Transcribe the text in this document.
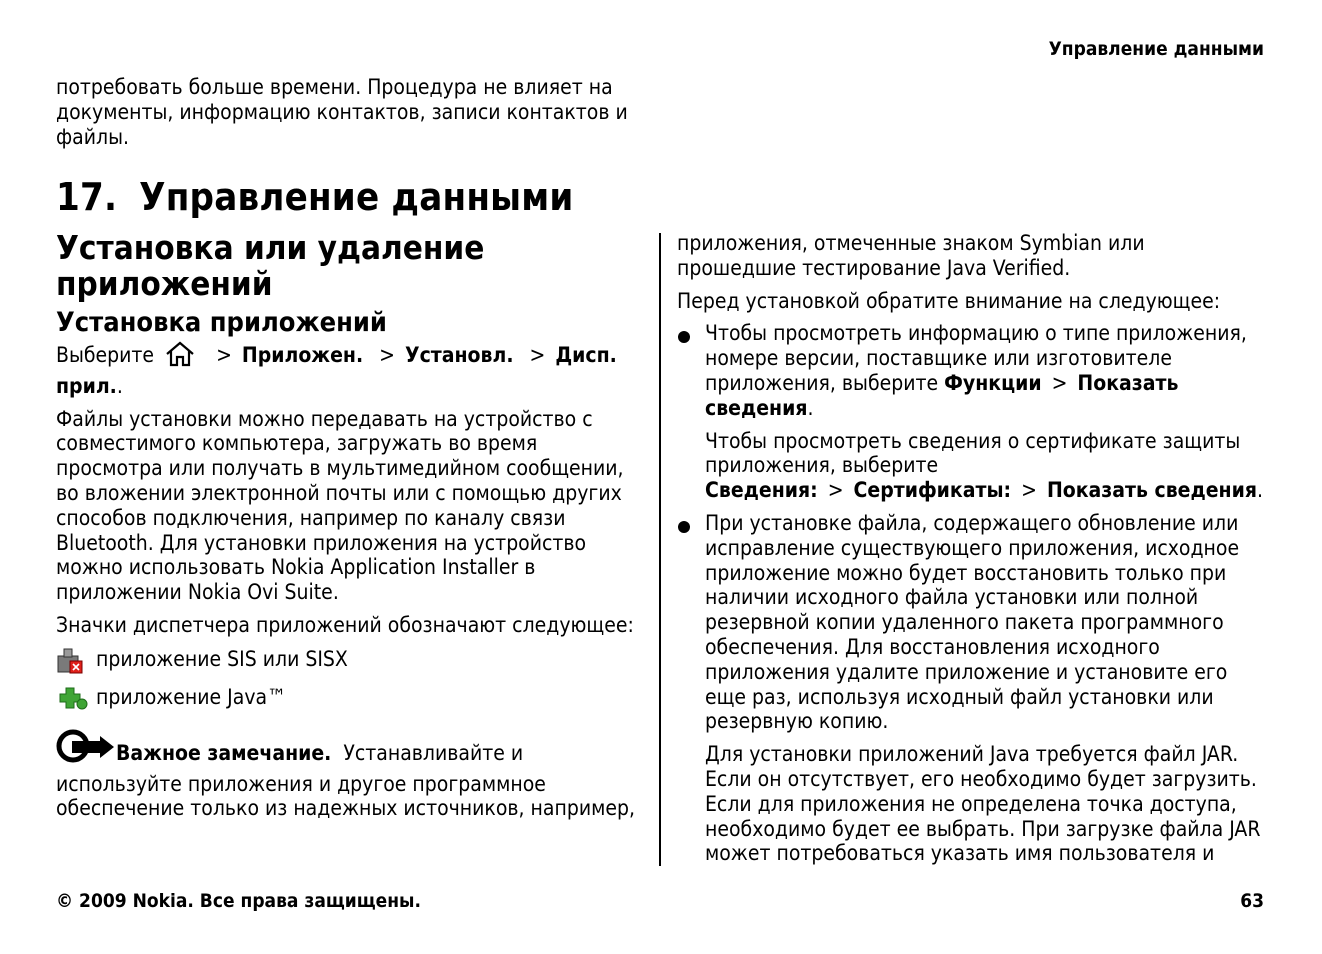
Управление данными
потребовать больше времени. Процедура не влияет на документы, информацию контактов, записи контактов и файлы.
17. Управление данными
Установка или удаление приложений
Установка приложений

Выберите	> Приложен. > Установл. > Дисп. прил..

Файлы установки можно передавать на устройство с совместимого компьютера, загружать во время просмотра или получать в мультимедийном сообщении, во вложении электронной почты или с помощью других способов подключения, например по каналу связи Bluetooth. Для установки приложения на устройство можно использовать Nokia Application Installer в приложении Nokia Ovi Suite.

Значки диспетчера приложений обозначают следующее:

приложение SIS или SISX
приложение Java™

Важное замечание. Устанавливайте и используйте приложения и другое программное обеспечение только из надежных источников, например,

приложения, отмеченные знаком Symbian или прошедшие тестирование Java Verified.

Перед установкой обратите внимание на следующее:

Чтобы просмотреть информацию о типе приложения, номере версии, поставщике или изготовителе приложения, выберите Функции > Показать сведения.

Чтобы просмотреть сведения о сертификате защиты приложения, выберите Сведения: > Сертификаты: > Показать сведения.

При установке файла, содержащего обновление или исправление существующего приложения, исходное приложение можно будет восстановить только при наличии исходного файла установки или полной резервной копии удаленного пакета программного обеспечения. Для восстановления исходного приложения удалите приложение и установите его еще раз, используя исходный файл установки или резервную копию.

Для установки приложений Java требуется файл JAR. Если он отсутствует, его необходимо будет загрузить. Если для приложения не определена точка доступа, необходимо будет ее выбрать. При загрузке файла JAR может потребоваться указать имя пользователя и

© 2009 Nokia. Все права защищены.	63
